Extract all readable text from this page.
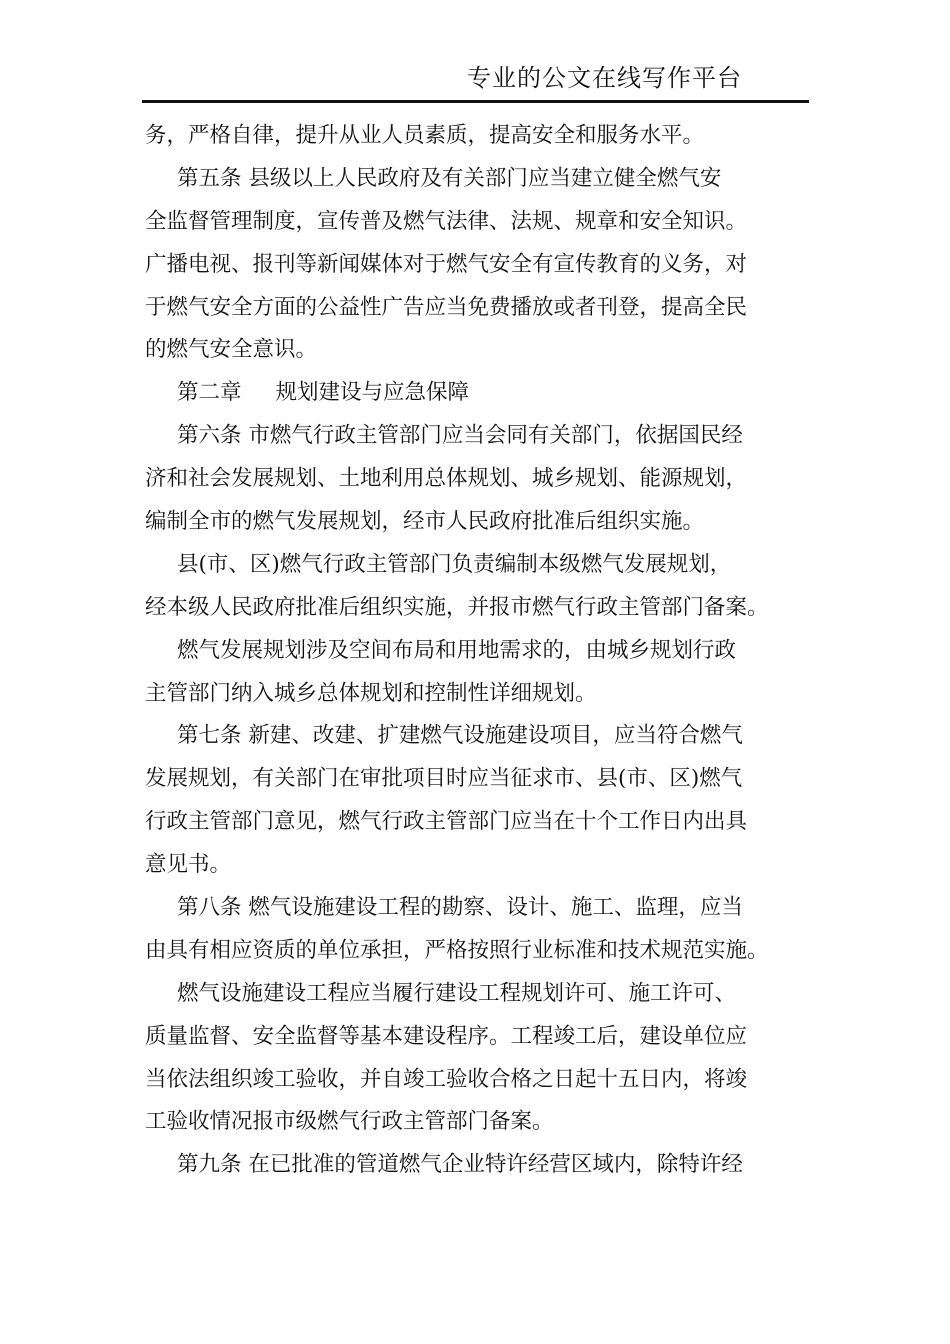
专业的公文在线写作平台
务，严格自律，提升从业人员素质，提高安全和服务水平。
第五条 县级以上人民政府及有关部门应当建立健全燃气安
全监督管理制度，宣传普及燃气法律、法规、规章和安全知识。
广播电视、报刊等新闻媒体对于燃气安全有宣传教育的义务，对
于燃气安全方面的公益性广告应当免费播放或者刊登，提高全民
的燃气安全意识。
第二章 规划建设与应急保障
第六条 市燃气行政主管部门应当会同有关部门，依据国民经
济和社会发展规划、土地利用总体规划、城乡规划、能源规划，
编制全市的燃气发展规划，经市人民政府批准后组织实施。
县(市、区)燃气行政主管部门负责编制本级燃气发展规划，
经本级人民政府批准后组织实施，并报市燃气行政主管部门备案。
燃气发展规划涉及空间布局和用地需求的，由城乡规划行政
主管部门纳入城乡总体规划和控制性详细规划。
第七条 新建、改建、扩建燃气设施建设项目，应当符合燃气
发展规划，有关部门在审批项目时应当征求市、县(市、区)燃气
行政主管部门意见，燃气行政主管部门应当在十个工作日内出具
意见书。
第八条 燃气设施建设工程的勘察、设计、施工、监理，应当
由具有相应资质的单位承担，严格按照行业标准和技术规范实施。
燃气设施建设工程应当履行建设工程规划许可、施工许可、
质量监督、安全监督等基本建设程序。工程竣工后，建设单位应
当依法组织竣工验收，并自竣工验收合格之日起十五日内，将竣
工验收情况报市级燃气行政主管部门备案。
第九条 在已批准的管道燃气企业特许经营区域内，除特许经
